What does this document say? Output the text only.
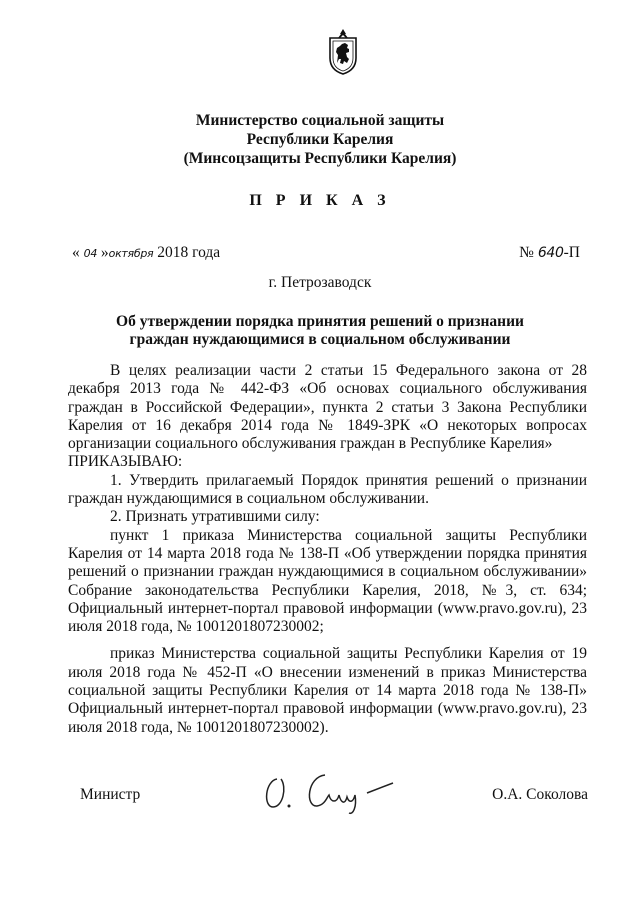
Министерство социальной защиты
Республики Карелия
(Минсоцзащиты Республики Карелия)
П Р И К А З
« 04 »октября 2018 года	№ 640-П
г. Петрозаводск
Об утверждении порядка принятия решений о признании граждан нуждающимися в социальном обслуживании

В целях реализации части 2 статьи 15 Федерального закона от 28 декабря 2013 года № 442-ФЗ «Об основах социального обслуживания граждан в Российской Федерации», пункта 2 статьи 3 Закона Республики Карелия от 16 декабря 2014 года № 1849-ЗРК «О некоторых вопросах организации социального обслуживания граждан в Республике Карелия»

ПРИКАЗЫВАЮ:

1. Утвердить прилагаемый Порядок принятия решений о признании граждан нуждающимися в социальном обслуживании.

2. Признать утратившими силу:

пункт 1 приказа Министерства социальной защиты Республики Карелия от 14 марта 2018 года № 138-П «Об утверждении порядка принятия решений о признании граждан нуждающимися в социальном обслуживании» Собрание законодательства Республики Карелия, 2018, №3, ст. 634; Официальный интернет-портал правовой информации (www.pravo.gov.ru), 23 июля 2018 года, № 1001201807230002;

приказ Министерства социальной защиты Республики Карелия от 19 июля 2018 года № 452-П «О внесении изменений в приказ Министерства социальной защиты Республики Карелия от 14 марта 2018 года № 138-П» Официальный интернет-портал правовой информации (www.pravo.gov.ru), 23 июля 2018 года, № 1001201807230002).

Министр	О.А. Соколова
